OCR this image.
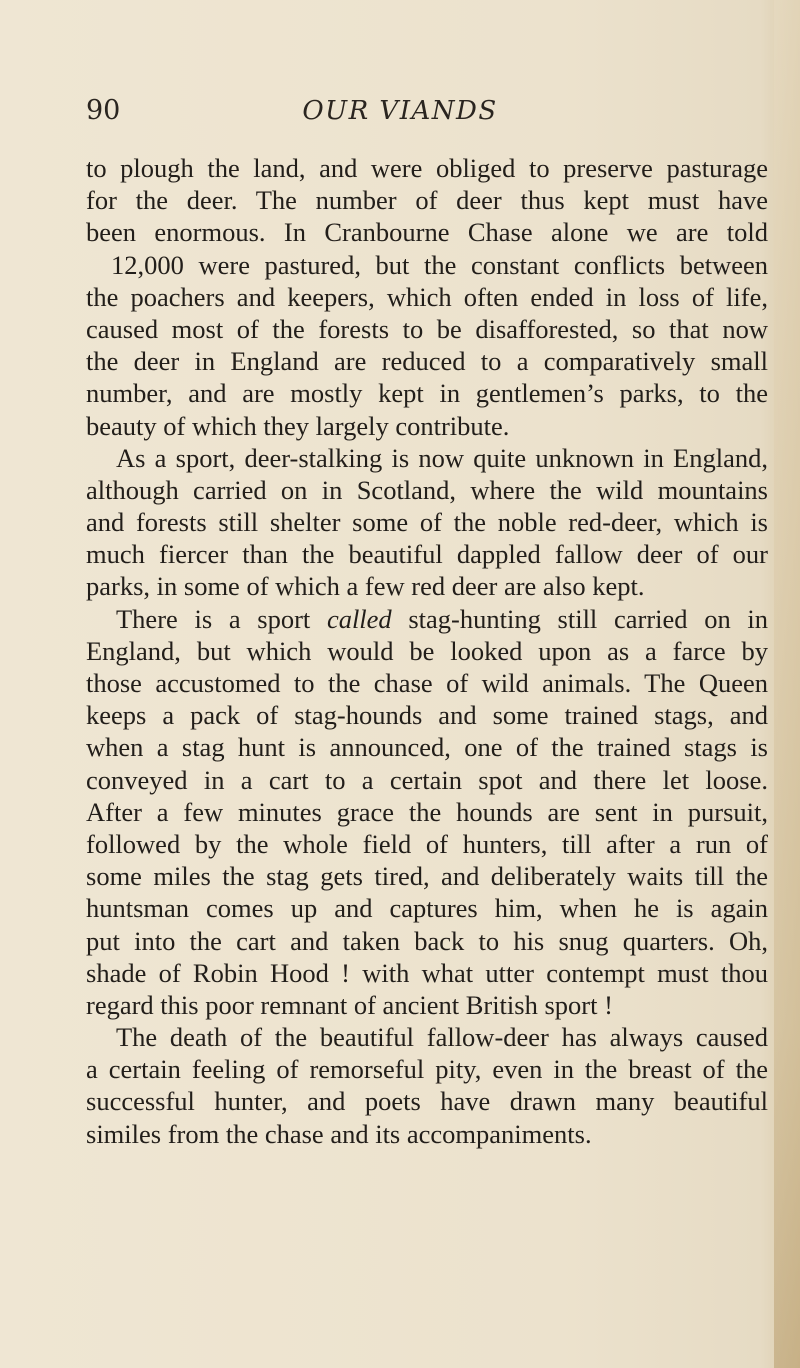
90	OUR VIANDS
to plough the land, and were obliged to preserve pasturage
for the deer. The number of deer thus kept must have
been enormous. In Cranbourne Chase alone we are told
12,000 were pastured, but the constant conflicts between
the poachers and keepers, which often ended in loss of life,
caused most of the forests to be disafforested, so that now
the deer in England are reduced to a comparatively small
number, and are mostly kept in gentlemen’s parks, to the
beauty of which they largely contribute.
As a sport, deer-stalking is now quite unknown in England,
although carried on in Scotland, where the wild mountains
and forests still shelter some of the noble red-deer, which is
much fiercer than the beautiful dappled fallow deer of our
parks, in some of which a few red deer are also kept.
There is a sport called stag-hunting still carried on in
England, but which would be looked upon as a farce by
those accustomed to the chase of wild animals. The Queen
keeps a pack of stag-hounds and some trained stags, and
when a stag hunt is announced, one of the trained stags is
conveyed in a cart to a certain spot and there let loose.
After a few minutes grace the hounds are sent in pursuit,
followed by the whole field of hunters, till after a run of
some miles the stag gets tired, and deliberately waits till the
huntsman comes up and captures him, when he is again
put into the cart and taken back to his snug quarters. Oh,
shade of Robin Hood ! with what utter contempt must thou
regard this poor remnant of ancient British sport !
The death of the beautiful fallow-deer has always caused
a certain feeling of remorseful pity, even in the breast of the
successful hunter, and poets have drawn many beautiful
similes from the chase and its accompaniments.
